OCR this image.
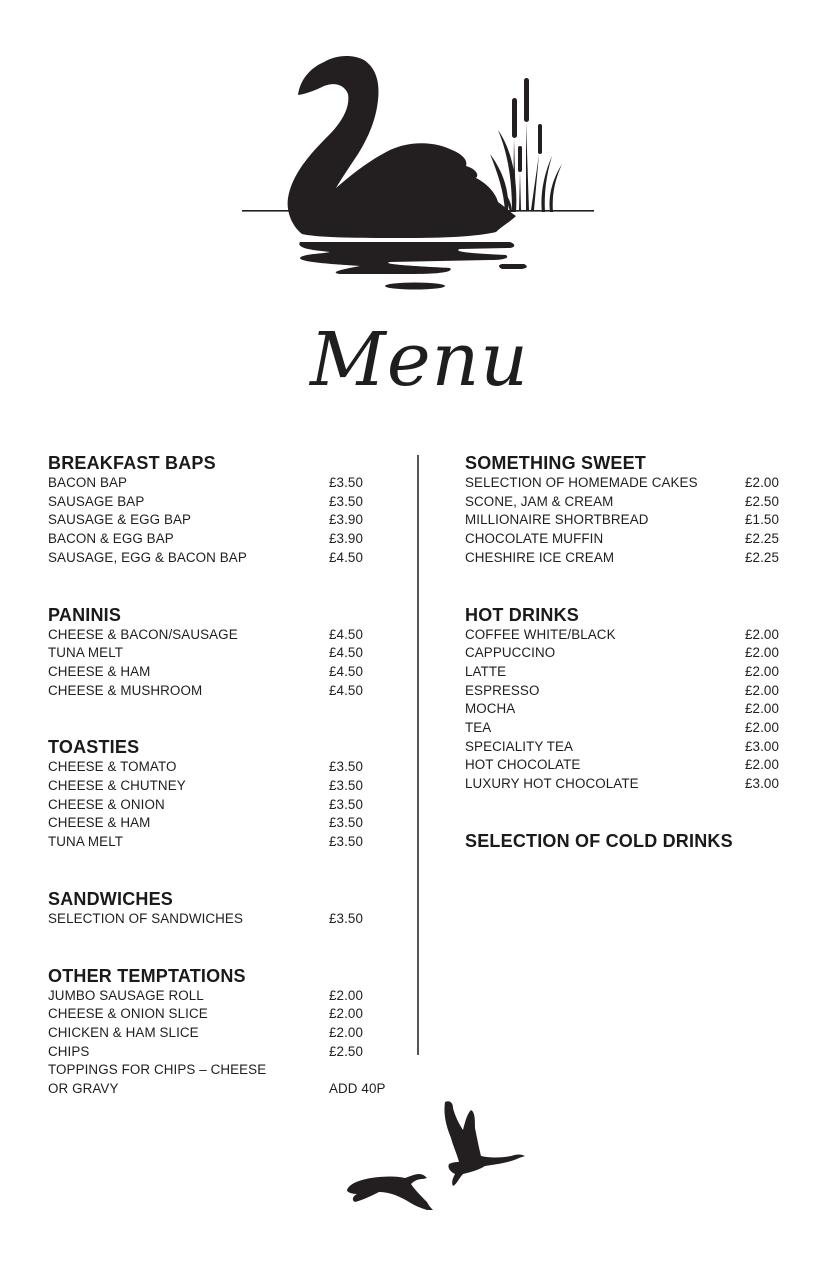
Menu
BREAKFAST BAPS
BACON BAP	£3.50
SAUSAGE BAP	£3.50
SAUSAGE & EGG BAP	£3.90
BACON & EGG BAP	£3.90
SAUSAGE, EGG & BACON BAP	£4.50
PANINIS
CHEESE & BACON/SAUSAGE	£4.50
TUNA MELT	£4.50
CHEESE & HAM	£4.50
CHEESE & MUSHROOM	£4.50
TOASTIES
CHEESE & TOMATO	£3.50
CHEESE & CHUTNEY	£3.50
CHEESE & ONION	£3.50
CHEESE & HAM	£3.50
TUNA MELT	£3.50
SANDWICHES
SELECTION OF SANDWICHES	£3.50
OTHER TEMPTATIONS
JUMBO SAUSAGE ROLL	£2.00
CHEESE & ONION SLICE	£2.00
CHICKEN & HAM SLICE	£2.00
CHIPS	£2.50
TOPPINGS FOR CHIPS – CHEESE
OR GRAVY	ADD 40P
SOMETHING SWEET
SELECTION OF HOMEMADE CAKES	£2.00
SCONE, JAM & CREAM	£2.50
MILLIONAIRE SHORTBREAD	£1.50
CHOCOLATE MUFFIN	£2.25
CHESHIRE ICE CREAM	£2.25
HOT DRINKS
COFFEE WHITE/BLACK	£2.00
CAPPUCCINO	£2.00
LATTE	£2.00
ESPRESSO	£2.00
MOCHA	£2.00
TEA	£2.00
SPECIALITY TEA	£3.00
HOT CHOCOLATE	£2.00
LUXURY HOT CHOCOLATE	£3.00
SELECTION OF COLD DRINKS
